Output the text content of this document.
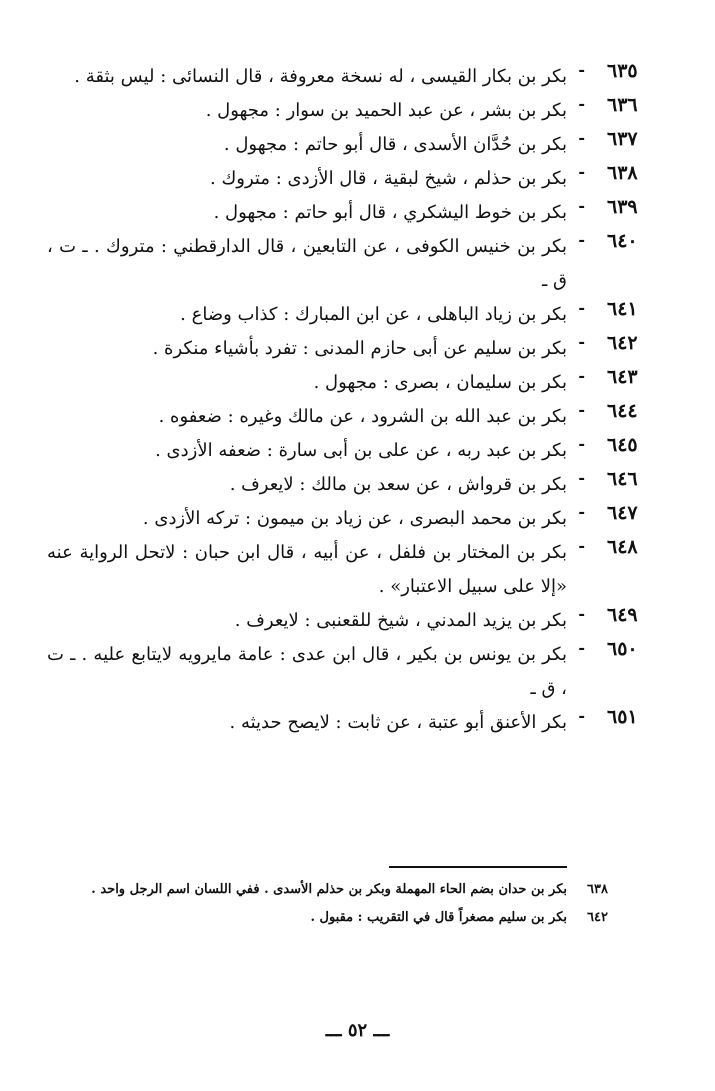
٦٣٥
-
بكر بن بكار القيسى ، له نسخة معروفة ، قال النسائى : ليس بثقة .
٦٣٦
-
بكر بن بشر ، عن عبد الحميد بن سوار : مجهول .
٦٣٧
-
بكر بن حُدَّان الأسدى ، قال أبو حاتم : مجهول .
٦٣٨
-
بكر بن حذلم ، شيخ لبقية ، قال الأزدى : متروك .
٦٣٩
-
بكر بن خوط اليشكري ، قال أبو حاتم : مجهول .
٦٤٠
-
بكر بن خنيس الكوفى ، عن التابعين ، قال الدارقطني : متروك . ـ ت ، ق ـ
٦٤١
-
بكر بن زياد الباهلى ، عن ابن المبارك : كذاب وضاع .
٦٤٢
-
بكر بن سليم عن أبى حازم المدنى : تفرد بأشياء منكرة .
٦٤٣
-
بكر بن سليمان ، بصرى : مجهول .
٦٤٤
-
بكر بن عبد الله بن الشرود ، عن مالك وغيره : ضعفوه .
٦٤٥
-
بكر بن عبد ربه ، عن على بن أبى سارة : ضعفه الأزدى .
٦٤٦
-
بكر بن قرواش ، عن سعد بن مالك : لايعرف .
٦٤٧
-
بكر بن محمد البصرى ، عن زياد بن ميمون : تركه الأزدى .
٦٤٨
-
بكر بن المختار بن فلفل ، عن أبيه ، قال ابن حبان : لاتحل الرواية عنه «إلا على سبيل الاعتبار» .
٦٤٩
-
بكر بن يزيد المدني ، شيخ للقعنبى : لايعرف .
٦٥٠
-
بكر بن يونس بن بكير ، قال ابن عدى : عامة مايرويه لايتابع عليه . ـ ت ، ق ـ
٦٥١
-
بكر الأعنق أبو عتبة ، عن ثابت : لايصح حديثه .
٦٣٨
بكر بن حدان بضم الحاء المهملة وبكر بن حذلم الأسدى . ففي اللسان اسم الرجل واحد .
٦٤٢
بكر بن سليم مصغراً قال في التقريب : مقبول .
ـــ ٥٢ ـــ
